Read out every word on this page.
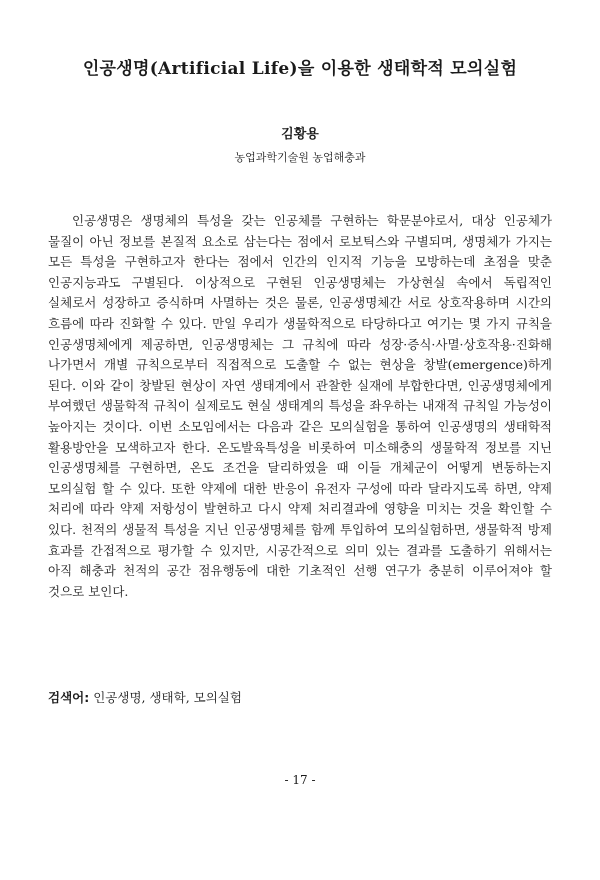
인공생명(Artificial Life)을 이용한 생태학적 모의실험

김황용

농업과학기술원 농업해충과

인공생명은 생명체의 특성을 갖는 인공체를 구현하는 학문분야로서, 대상 인공체가 물질이 아닌 정보를 본질적 요소로 삼는다는 점에서 로보틱스와 구별되며, 생명체가 가지는 모든 특성을 구현하고자 한다는 점에서 인간의 인지적 기능을 모방하는데 초점을 맞춘 인공지능과도 구별된다. 이상적으로 구현된 인공생명체는 가상현실 속에서 독립적인 실체로서 성장하고 증식하며 사멸하는 것은 물론, 인공생명체간 서로 상호작용하며 시간의 흐름에 따라 진화할 수 있다. 만일 우리가 생물학적으로 타당하다고 여기는 몇 가지 규칙을 인공생명체에게 제공하면, 인공생명체는 그 규칙에 따라 성장·증식·사멸·상호작용·진화해 나가면서 개별 규칙으로부터 직접적으로 도출할 수 없는 현상을 창발(emergence)하게 된다. 이와 같이 창발된 현상이 자연 생태계에서 관찰한 실재에 부합한다면, 인공생명체에게 부여했던 생물학적 규칙이 실제로도 현실 생태계의 특성을 좌우하는 내재적 규칙일 가능성이 높아지는 것이다. 이번 소모임에서는 다음과 같은 모의실험을 통하여 인공생명의 생태학적 활용방안을 모색하고자 한다. 온도발육특성을 비롯하여 미소해충의 생물학적 정보를 지닌 인공생명체를 구현하면, 온도 조건을 달리하였을 때 이들 개체군이 어떻게 변동하는지 모의실험 할 수 있다. 또한 약제에 대한 반응이 유전자 구성에 따라 달라지도록 하면, 약제 처리에 따라 약제 저항성이 발현하고 다시 약제 처리결과에 영향을 미치는 것을 확인할 수 있다. 천적의 생물적 특성을 지닌 인공생명체를 함께 투입하여 모의실험하면, 생물학적 방제 효과를 간접적으로 평가할 수 있지만, 시공간적으로 의미 있는 결과를 도출하기 위해서는 아직 해충과 천적의 공간 점유행동에 대한 기초적인 선행 연구가 충분히 이루어져야 할 것으로 보인다.

검색어: 인공생명, 생태학, 모의실험

- 17 -
